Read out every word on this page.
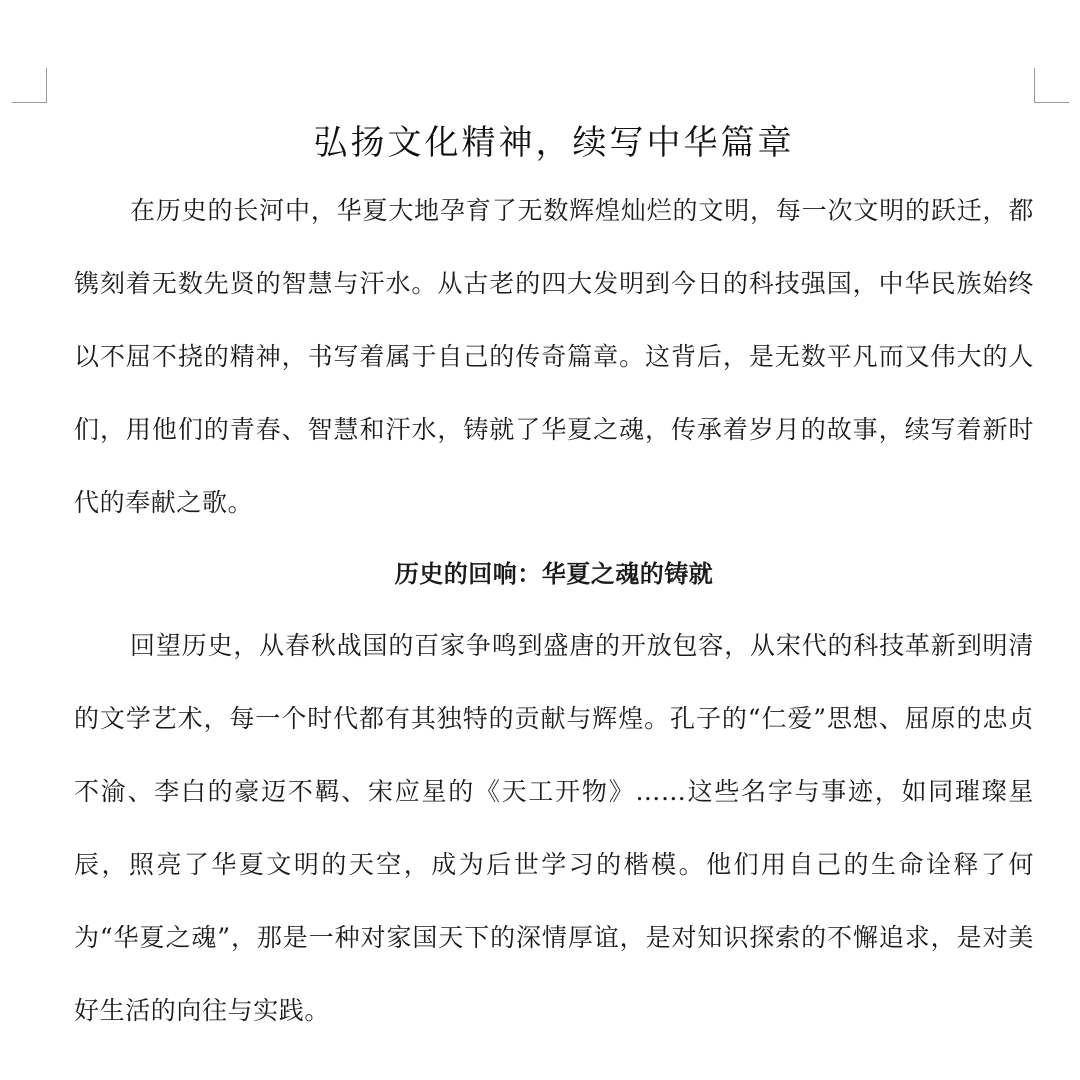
弘扬文化精神，续写中华篇章

在历史的长河中，华夏大地孕育了无数辉煌灿烂的文明，每一次文明的跃迁，都镌刻着无数先贤的智慧与汗水。从古老的四大发明到今日的科技强国，中华民族始终以不屈不挠的精神，书写着属于自己的传奇篇章。这背后，是无数平凡而又伟大的人们，用他们的青春、智慧和汗水，铸就了华夏之魂，传承着岁月的故事，续写着新时代的奉献之歌。

历史的回响：华夏之魂的铸就

回望历史，从春秋战国的百家争鸣到盛唐的开放包容，从宋代的科技革新到明清的文学艺术，每一个时代都有其独特的贡献与辉煌。孔子的“仁爱”思想、屈原的忠贞不渝、李白的豪迈不羁、宋应星的《天工开物》……这些名字与事迹，如同璀璨星辰，照亮了华夏文明的天空，成为后世学习的楷模。他们用自己的生命诠释了何为“华夏之魂”，那是一种对家国天下的深情厚谊，是对知识探索的不懈追求，是对美好生活的向往与实践。
